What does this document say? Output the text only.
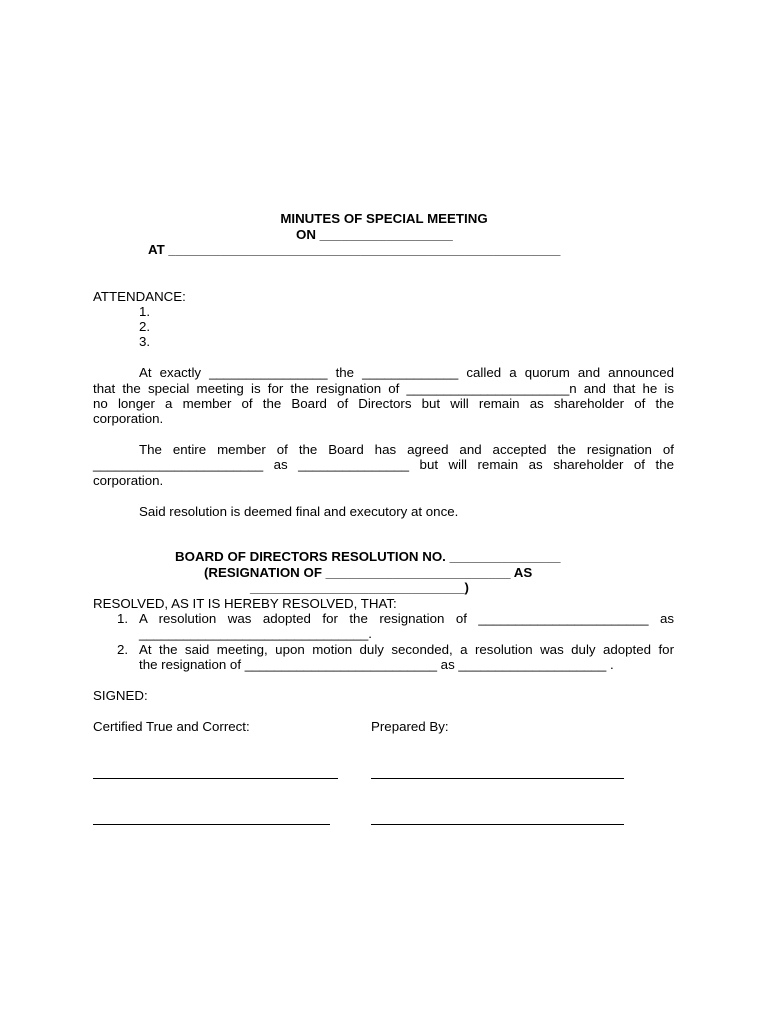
MINUTES OF SPECIAL MEETING

ON __________________

AT _____________________________________________________

ATTENDANCE:

1.

2.

3.

At exactly ________________ the _____________ called a quorum and announced
that the special meeting is for the resignation of ______________________n and that he is
no longer a member of the Board of Directors but will remain as shareholder of the

corporation.

The entire member of the Board has agreed and accepted the resignation of
_______________________ as _______________ but will remain as shareholder of the

corporation.

Said resolution is deemed final and executory at once.

BOARD OF DIRECTORS RESOLUTION NO. _______________

(RESIGNATION OF _________________________ AS

_____________________________)

RESOLVED, AS IT IS HEREBY RESOLVED, THAT:

1. A resolution was adopted for the resignation of _______________________ as

_______________________________.

2. At the said meeting, upon motion duly seconded, a resolution was duly adopted for

the resignation of __________________________ as ____________________ .

SIGNED:

Certified True and Correct:	Prepared By:
